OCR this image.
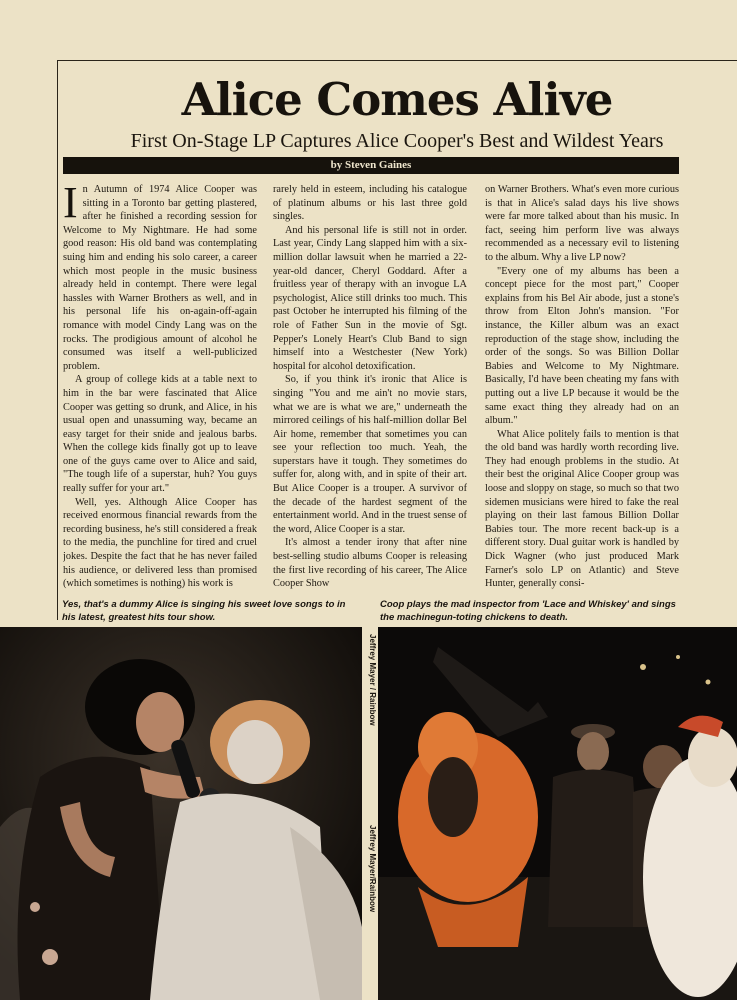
Alice Comes Alive
First On-Stage LP Captures Alice Cooper's Best and Wildest Years
by Steven Gaines

In Autumn of 1974 Alice Cooper was sitting in a Toronto bar getting plastered, after he finished a recording session for Welcome to My Nightmare. He had some good reason: His old band was contemplating suing him and ending his solo career, a career which most people in the music business already held in contempt. There were legal hassles with Warner Brothers as well, and in his personal life his on-again-off-again romance with model Cindy Lang was on the rocks. The prodigious amount of alcohol he consumed was itself a well-publicized problem.

A group of college kids at a table next to him in the bar were fascinated that Alice Cooper was getting so drunk, and Alice, in his usual open and unassuming way, became an easy target for their snide and jealous barbs. When the college kids finally got up to leave one of the guys came over to Alice and said, "The tough life of a superstar, huh? You guys really suffer for your art."

Well, yes. Although Alice Cooper has received enormous financial rewards from the recording business, he's still considered a freak to the media, the punchline for tired and cruel jokes. Despite the fact that he has never failed his audience, or delivered less than promised (which sometimes is nothing) his work is

rarely held in esteem, including his catalogue of platinum albums or his last three gold singles.

And his personal life is still not in order. Last year, Cindy Lang slapped him with a six-million dollar lawsuit when he married a 22-year-old dancer, Cheryl Goddard. After a fruitless year of therapy with an invogue LA psychologist, Alice still drinks too much. This past October he interrupted his filming of the role of Father Sun in the movie of Sgt. Pepper's Lonely Heart's Club Band to sign himself into a Westchester (New York) hospital for alcohol detoxification.

So, if you think it's ironic that Alice is singing "You and me ain't no movie stars, what we are is what we are," underneath the mirrored ceilings of his half-million dollar Bel Air home, remember that sometimes you can see your reflection too much. Yeah, the superstars have it tough. They sometimes do suffer for, along with, and in spite of their art. But Alice Cooper is a trouper. A survivor of the decade of the hardest segment of the entertainment world. And in the truest sense of the word, Alice Cooper is a star.

It's almost a tender irony that after nine best-selling studio albums Cooper is releasing the first live recording of his career, The Alice Cooper Show

on Warner Brothers. What's even more curious is that in Alice's salad days his live shows were far more talked about than his music. In fact, seeing him perform live was always recommended as a necessary evil to listening to the album. Why a live LP now?

"Every one of my albums has been a concept piece for the most part," Cooper explains from his Bel Air abode, just a stone's throw from Elton John's mansion. "For instance, the Killer album was an exact reproduction of the stage show, including the order of the songs. So was Billion Dollar Babies and Welcome to My Nightmare. Basically, I'd have been cheating my fans with putting out a live LP because it would be the same exact thing they already had on an album."

What Alice politely fails to mention is that the old band was hardly worth recording live. They had enough problems in the studio. At their best the original Alice Cooper group was loose and sloppy on stage, so much so that two sidemen musicians were hired to fake the real playing on their last famous Billion Dollar Babies tour. The more recent back-up is a different story. Dual guitar work is handled by Dick Wagner (who just produced Mark Farner's solo LP on Atlantic) and Steve Hunter, generally consi-

Yes, that's a dummy Alice is singing his sweet love songs to in his latest, greatest hits tour show.
Coop plays the mad inspector from 'Lace and Whiskey' and sings the machinegun-toting chickens to death.
Jeffrey Mayer / Rainbow
Jeffrey Mayer/Rainbow
